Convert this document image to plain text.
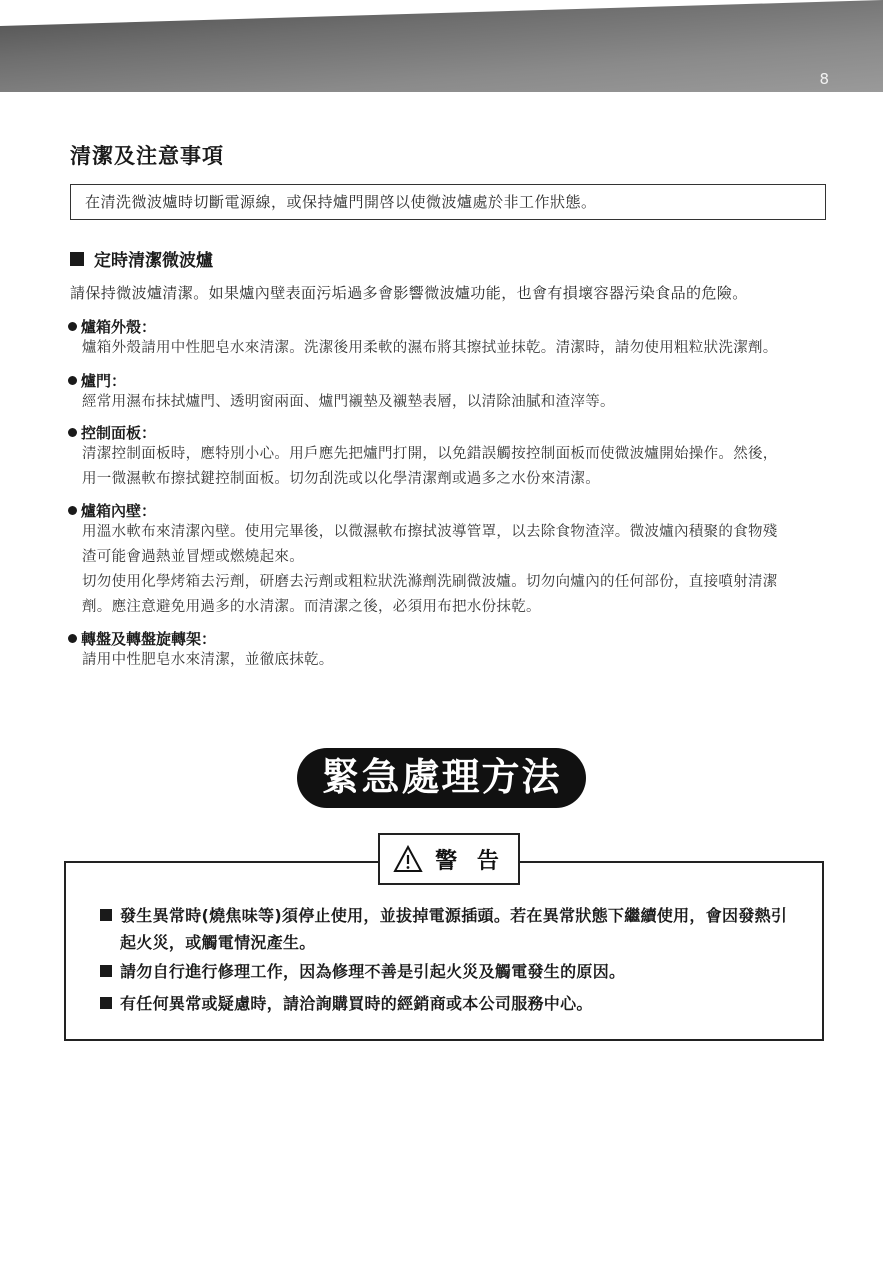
8
清潔及注意事項
在清洗微波爐時切斷電源線，或保持爐門開啓以使微波爐處於非工作狀態。
定時清潔微波爐
請保持微波爐清潔。如果爐內壁表面污垢過多會影響微波爐功能，也會有損壞容器污染食品的危險。
爐箱外殼：

爐箱外殼請用中性肥皂水來清潔。洗潔後用柔軟的濕布將其擦拭並抹乾。清潔時，請勿使用粗粒狀洗潔劑。

爐門：

經常用濕布抹拭爐門、透明窗兩面、爐門襯墊及襯墊表層，以清除油膩和渣滓等。

控制面板：

清潔控制面板時，應特別小心。用戶應先把爐門打開，以免錯誤觸按控制面板而使微波爐開始操作。然後，

用一微濕軟布擦拭鍵控制面板。切勿刮洗或以化學清潔劑或過多之水份來清潔。

爐箱內壁：

用溫水軟布來清潔內壁。使用完畢後，以微濕軟布擦拭波導管罩，以去除食物渣滓。微波爐內積聚的食物殘

渣可能會過熱並冒煙或燃燒起來。

切勿使用化學烤箱去污劑，研磨去污劑或粗粒狀洗滌劑洗刷微波爐。切勿向爐內的任何部份，直接噴射清潔

劑。應注意避免用過多的水清潔。而清潔之後，必須用布把水份抹乾。

轉盤及轉盤旋轉架：

請用中性肥皂水來清潔，並徹底抹乾。

緊急處理方法
警 告
發生異常時(燒焦味等)須停止使用，並拔掉電源插頭。若在異常狀態下繼續使用，會因發熱引
起火災，或觸電情況產生。
請勿自行進行修理工作，因為修理不善是引起火災及觸電發生的原因。
有任何異常或疑慮時，請洽詢購買時的經銷商或本公司服務中心。
